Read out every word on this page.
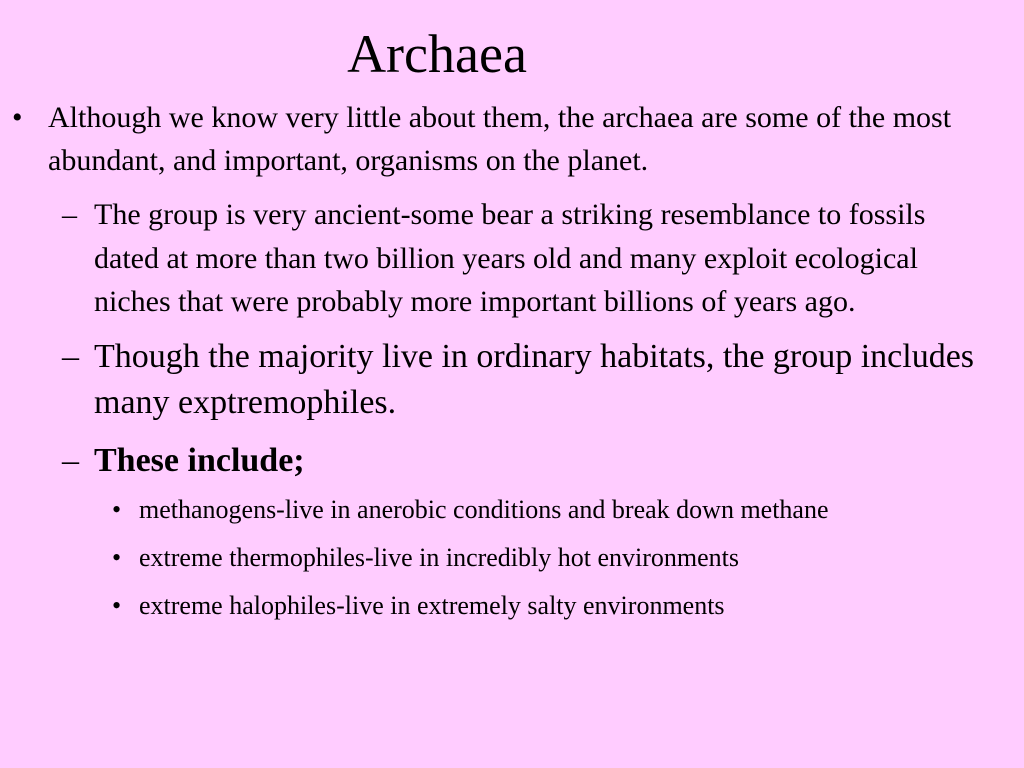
Archaea
• Although we know very little about them, the archaea are some of the most abundant, and important, organisms on the planet.
– The group is very ancient-some bear a striking resemblance to fossils dated at more than two billion years old and many exploit ecological niches that were probably more important billions of years ago.
– Though the majority live in ordinary habitats, the group includes many exptremophiles.
– These include;
• methanogens-live in anerobic conditions and break down methane
• extreme thermophiles-live in incredibly hot environments
• extreme halophiles-live in extremely salty environments
